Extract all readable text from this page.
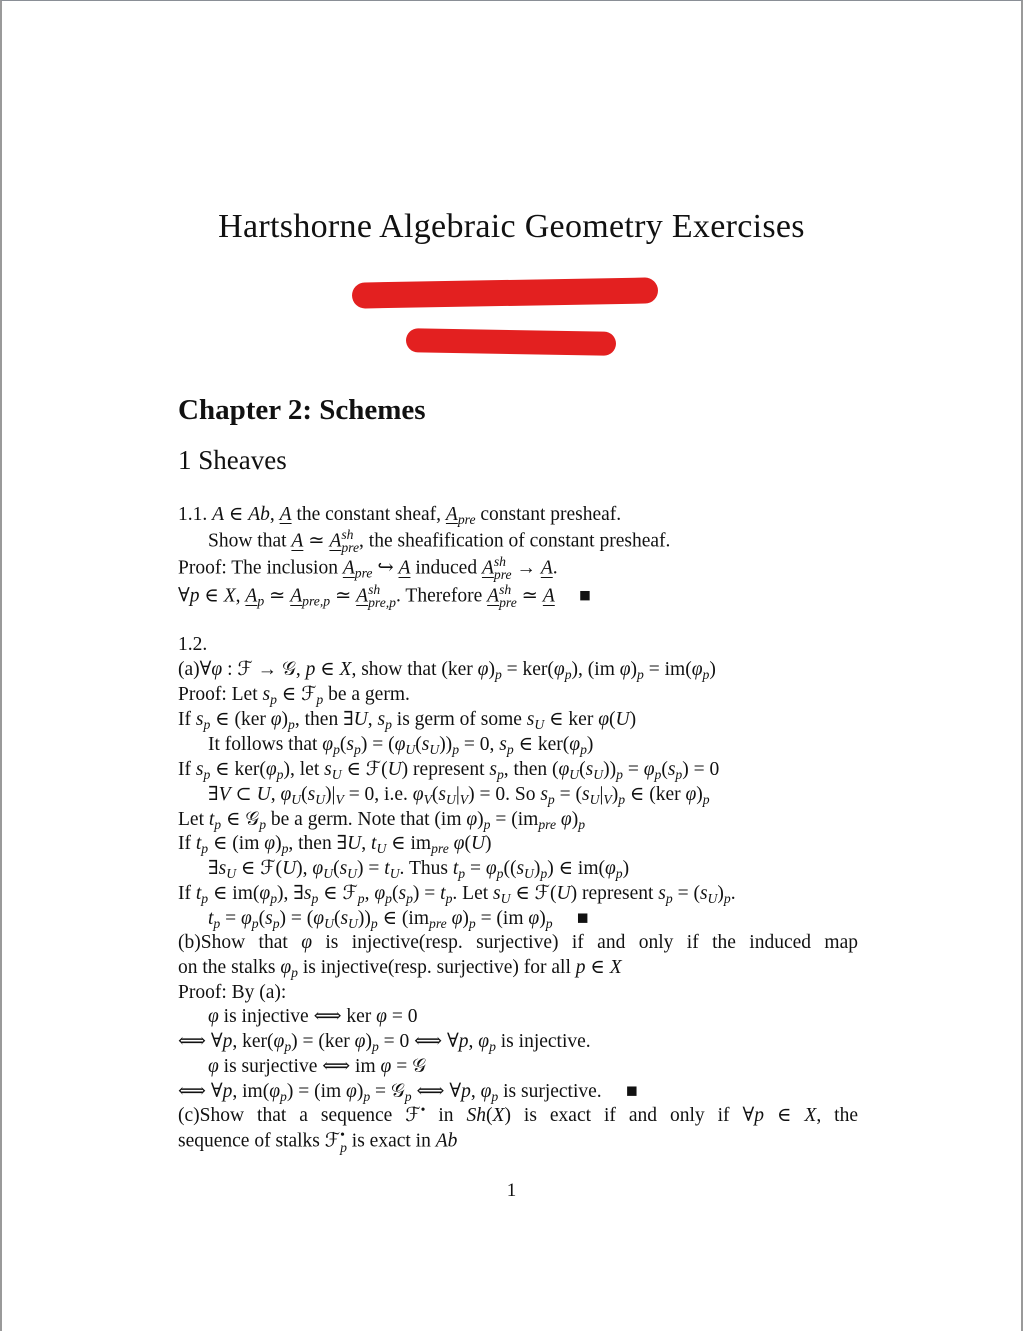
Hartshorne Algebraic Geometry Exercises
Chapter 2: Schemes
1 Sheaves
1.1. A ∈ Ab, A the constant sheaf, $A_{pre}$ constant presheaf.
Show that A ≃ A sh
pre , the sheafification of constant presheaf.
Proof: The inclusion $A_{pre}$ ↪ A induced A sh
pre → A.
∀p ∈ X, $A_p$ ≃ $A_{pre,p}$ ≃ A sh
pre,p . Therefore A sh
pre ≃ A  ■
1.2.
(a)∀φ : ℱ → 𝒢, p ∈ X, show that (ker $\varphi)_p = ker(\varphi_p)$, (im $\varphi)_p = im(\varphi_p)$
Proof: Let $s_p$ ∈ ℱ$_p$ be a germ.
If $s_p$ ∈ (ker $\varphi)_p$, then ∃U, $s_p$ is germ of some $s_U$ ∈ ker φ(U)
It follows that $\varphi_p(s_p) = (\varphi_U(s_U))_p = 0$, $s_p$ ∈ $ker(\varphi_p)$
If $s_p$ ∈ $ker(\varphi_p)$, let $s_U$ ∈ ℱ(U) represent $s_p$, then $(\varphi_U(s_U))_p = \varphi_p(s_p) = 0$
∃V ⊂ U, $\varphi_U(s_U)|_V = 0$, i.e. $\varphi_V(s_U|_V) = 0$. So $s_p = (s_U|_V)_p$ ∈ (ker $\varphi)_p$
Let $t_p$ ∈ 𝒢$_p$ be a germ. Note that (im $\varphi)_p = (im_{pre}$ $\varphi)_p$
If $t_p$ ∈ (im $\varphi)_p$, then ∃U, $t_U$ ∈ $im_{pre}$ φ(U)
$\exists s_U$ ∈ ℱ(U), $\varphi_U(s_U) = t_U$. Thus $t_p = \varphi_p((s_U)_p)$ ∈ $im(\varphi_p)$
If $t_p$ ∈ $im(\varphi_p)$, $\exists s_p$ ∈ ℱ$_p$, $\varphi_p(s_p) = t_p$. Let $s_U$ ∈ ℱ(U) represent $s_p = (s_U)_p$.
$t_p = \varphi_p(s_p) = (\varphi_U(s_U))_p$ ∈ ($im_{pre}$ $\varphi)_p = (im$ $\varphi)_p$  ■
(b)Show that φ is injective(resp. surjective) if and only if the induced map
on the stalks $\varphi_p$ is injective(resp. surjective) for all p ∈ X
Proof: By (a):
φ is injective ⟺ ker φ = 0
⟺ ∀p, $ker(\varphi_p) = (ker$ $\varphi)_p = 0$ ⟺ ∀p, $\varphi_p$ is injective.
φ is surjective ⟺ im φ = 𝒢
⟺ ∀p, $im(\varphi_p) = (im$ $\varphi)_p$ = 𝒢$_p$ ⟺ ∀p, $\varphi_p$ is surjective.  ■
(c)Show that a sequence ℱ• in Sh(X) is exact if and only if ∀p ∈ X, the
sequence of stalks ℱ •
p is exact in Ab
1
